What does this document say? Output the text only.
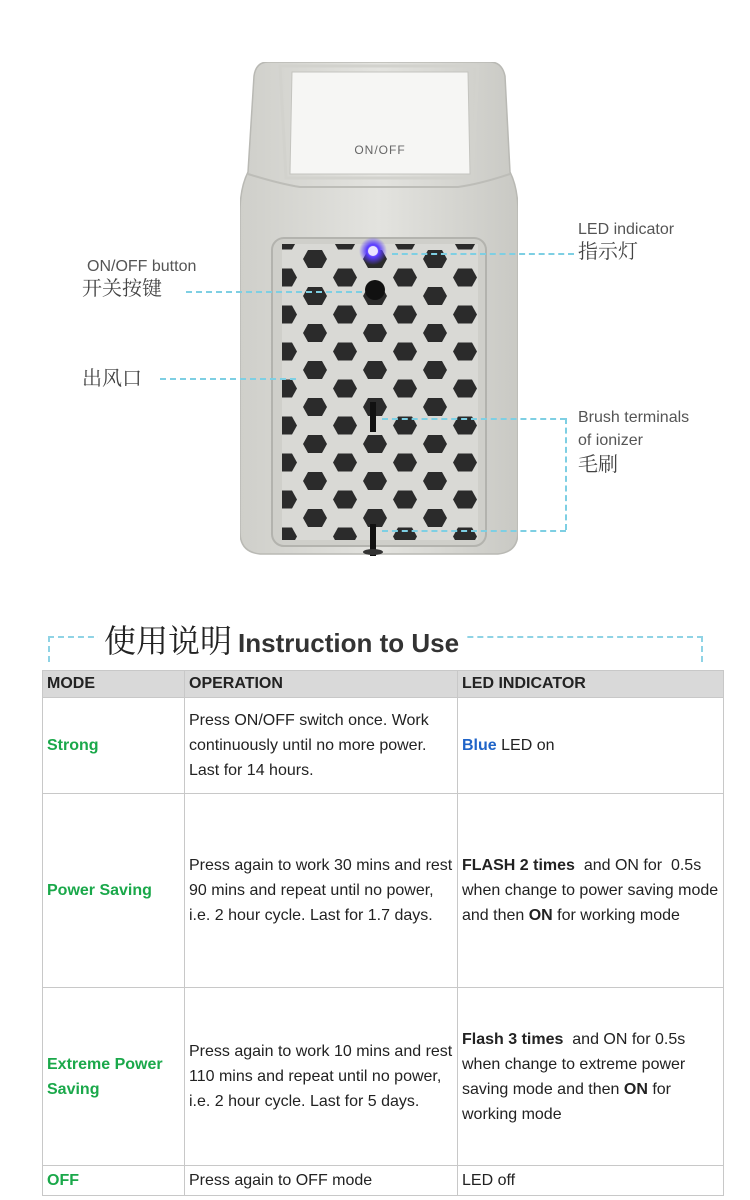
ON/OFF
LED indicator
指示灯
ON/OFF button
开关按键
出风口
Brush terminals
of ionizer
毛刷
使用说明 Instruction to Use
MODE	OPERATION	LED INDICATOR
Strong	Press ON/OFF switch once. Work continuously until no more power. Last for 14 hours.	Blue LED on
Power Saving	Press again to work 30 mins and rest 90 mins and repeat until no power, i.e. 2 hour cycle. Last for 1.7 days.	FLASH 2 times  and ON for  0.5s when change to power saving mode and then ON for working mode
Extreme Power Saving	Press again to work 10 mins and rest 110 mins and repeat until no power, i.e. 2 hour cycle. Last for 5 days.	Flash 3 times  and ON for 0.5s when change to extreme power saving mode and then ON for working mode
OFF	Press again to OFF mode	LED off
